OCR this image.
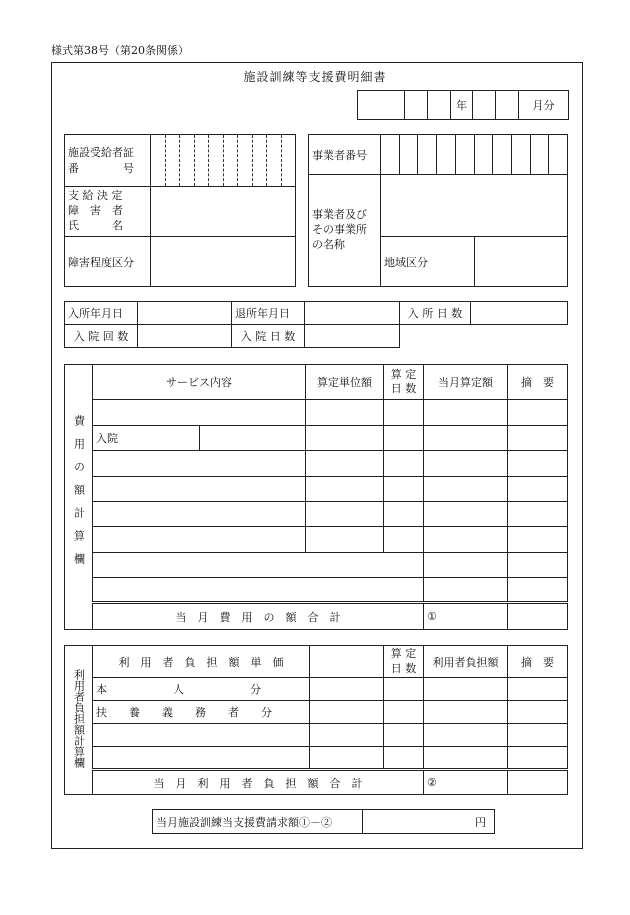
様式第38号（第20条関係）
施設訓練等支援費明細書
			年			月分
施設受給者証
番　　　　号	

支 給 決 定
障　害　者
氏　　　名	

障害程度区分	
事業者番号		

事業者及び
その事業所
の名称		

	地域区分	
入所年月日		退所年月日		入 所 日 数	
入 院 回 数		入 院 日 数			
費用の額計算欄	サービス内容		算定単位額	算 定
日 数	当月算定額	摘　要

	入院					

	当　月　費　用　の　額　合　計				①	
利用者負担額計算欄	利　用　者　負　担　額　単　価		算 定
日 数	利用者負担額	摘　要
	本　　　　　　人　　　　　　分				
	扶　　養　　義　　務　　者　　分				

	当　月　利　用　者　負　担　額　合　計			②	
当月施設訓練当支援費請求額①－②	円
